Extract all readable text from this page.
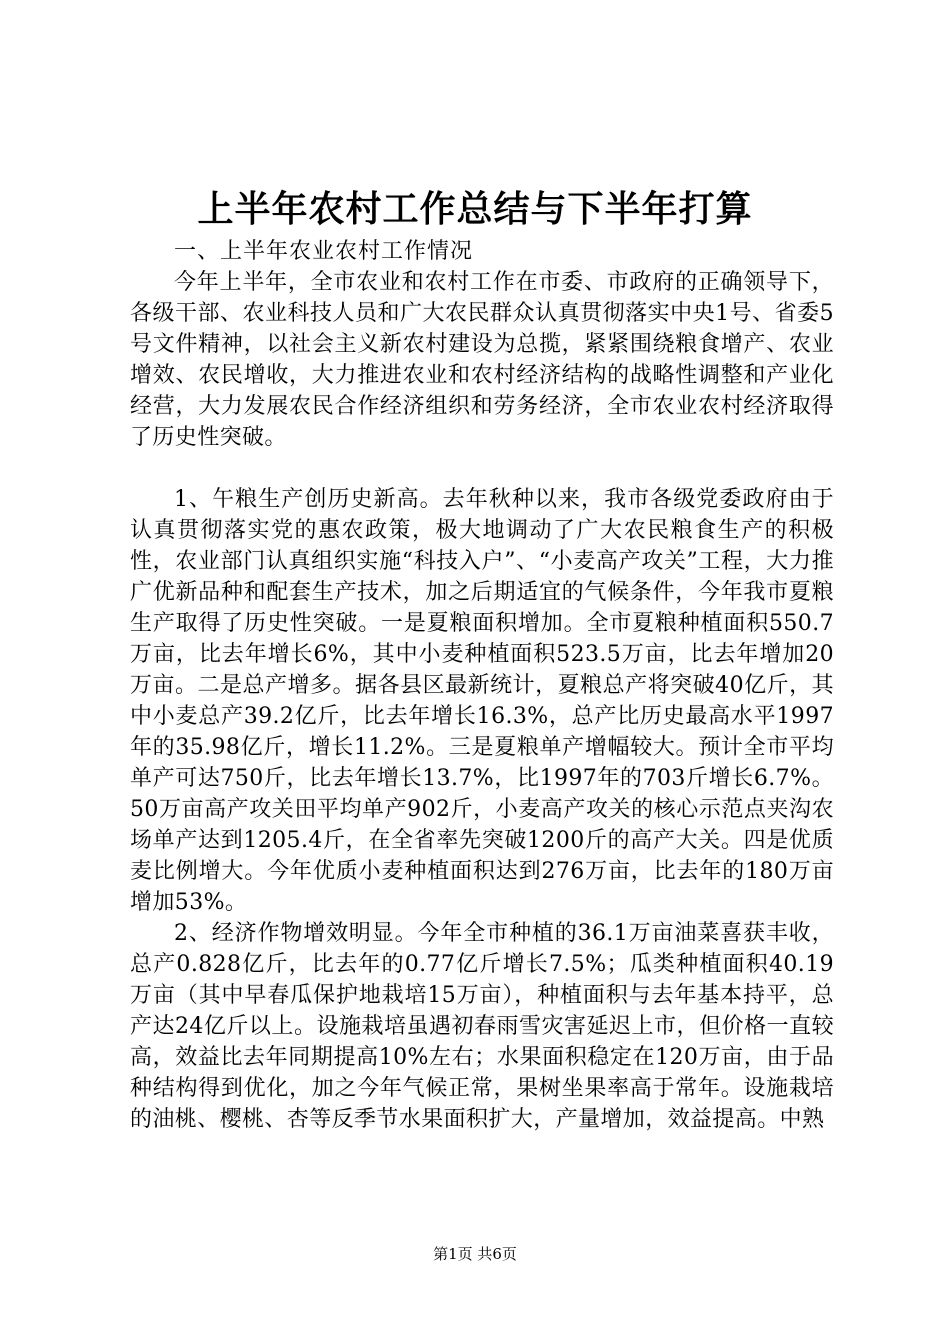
上半年农村工作总结与下半年打算

一、上半年农业农村工作情况

今年上半年，全市农业和农村工作在市委、市政府的正确领导下，各级干部、农业科技人员和广大农民群众认真贯彻落实中央1号、省委5号文件精神，以社会主义新农村建设为总揽，紧紧围绕粮食增产、农业增效、农民增收，大力推进农业和农村经济结构的战略性调整和产业化经营，大力发展农民合作经济组织和劳务经济，全市农业农村经济取得了历史性突破。

1、午粮生产创历史新高。去年秋种以来，我市各级党委政府由于认真贯彻落实党的惠农政策，极大地调动了广大农民粮食生产的积极性，农业部门认真组织实施“科技入户”、“小麦高产攻关”工程，大力推广优新品种和配套生产技术，加之后期适宜的气候条件，今年我市夏粮生产取得了历史性突破。一是夏粮面积增加。全市夏粮种植面积550.7万亩，比去年增长6%，其中小麦种植面积523.5万亩，比去年增加20万亩。二是总产增多。据各县区最新统计，夏粮总产将突破40亿斤，其中小麦总产39.2亿斤，比去年增长16.3%，总产比历史最高水平1997年的35.98亿斤，增长11.2%。三是夏粮单产增幅较大。预计全市平均单产可达750斤，比去年增长13.7%，比1997年的703斤增长6.7%。50万亩高产攻关田平均单产902斤，小麦高产攻关的核心示范点夹沟农场单产达到1205.4斤，在全省率先突破1200斤的高产大关。四是优质麦比例增大。今年优质小麦种植面积达到276万亩，比去年的180万亩增加53%。

2、经济作物增效明显。今年全市种植的36.1万亩油菜喜获丰收，总产0.828亿斤，比去年的0.77亿斤增长7.5%；瓜类种植面积40.19万亩（其中早春瓜保护地栽培15万亩），种植面积与去年基本持平，总产达24亿斤以上。设施栽培虽遇初春雨雪灾害延迟上市，但价格一直较高，效益比去年同期提高10%左右；水果面积稳定在120万亩，由于品种结构得到优化，加之今年气候正常，果树坐果率高于常年。设施栽培的油桃、樱桃、杏等反季节水果面积扩大，产量增加，效益提高。中熟

第1页 共6页
